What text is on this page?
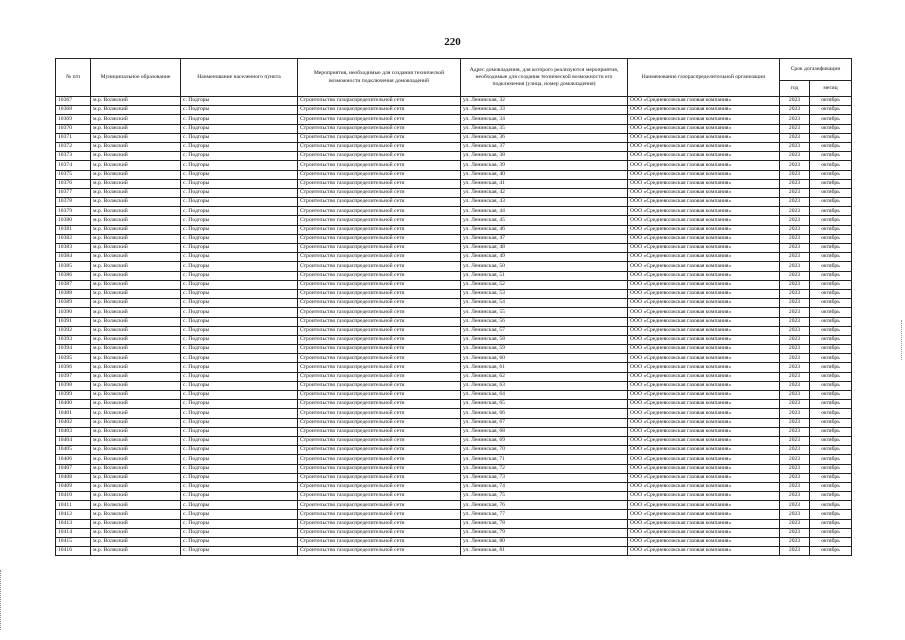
220
№ п/п	Муниципальное образование	Наименование населенного пункта	Мероприятия, необходимые для создания технической возможности подключения домовладений	Адрес домовладения, для которого реализуются мероприятия, необходимые для создания технической возможности его подключения (улица, номер домовладения)	Наименование газораспределительной организации	Срок догазификации	
						год	месяц
10367	м.р. Волжский	с. Подгоры	Строительство газораспределительной сети	ул. Ленинская, 32	ООО «Средневолжская газовая компания»	2023	октябрь
10368	м.р. Волжский	с. Подгоры	Строительство газораспределительной сети	ул. Ленинская, 33	ООО «Средневолжская газовая компания»	2023	октябрь
10369	м.р. Волжский	с. Подгоры	Строительство газораспределительной сети	ул. Ленинская, 34	ООО «Средневолжская газовая компания»	2023	октябрь
10370	м.р. Волжский	с. Подгоры	Строительство газораспределительной сети	ул. Ленинская, 35	ООО «Средневолжская газовая компания»	2023	октябрь
10371	м.р. Волжский	с. Подгоры	Строительство газораспределительной сети	ул. Ленинская, 36	ООО «Средневолжская газовая компания»	2023	октябрь
10372	м.р. Волжский	с. Подгоры	Строительство газораспределительной сети	ул. Ленинская, 37	ООО «Средневолжская газовая компания»	2023	октябрь
10373	м.р. Волжский	с. Подгоры	Строительство газораспределительной сети	ул. Ленинская, 38	ООО «Средневолжская газовая компания»	2023	октябрь
10374	м.р. Волжский	с. Подгоры	Строительство газораспределительной сети	ул. Ленинская, 39	ООО «Средневолжская газовая компания»	2023	октябрь
10375	м.р. Волжский	с. Подгоры	Строительство газораспределительной сети	ул. Ленинская, 40	ООО «Средневолжская газовая компания»	2023	октябрь
10376	м.р. Волжский	с. Подгоры	Строительство газораспределительной сети	ул. Ленинская, 41	ООО «Средневолжская газовая компания»	2023	октябрь
10377	м.р. Волжский	с. Подгоры	Строительство газораспределительной сети	ул. Ленинская, 42	ООО «Средневолжская газовая компания»	2023	октябрь
10378	м.р. Волжский	с. Подгоры	Строительство газораспределительной сети	ул. Ленинская, 43	ООО «Средневолжская газовая компания»	2023	октябрь
10379	м.р. Волжский	с. Подгоры	Строительство газораспределительной сети	ул. Ленинская, 44	ООО «Средневолжская газовая компания»	2023	октябрь
10380	м.р. Волжский	с. Подгоры	Строительство газораспределительной сети	ул. Ленинская, 45	ООО «Средневолжская газовая компания»	2023	октябрь
10381	м.р. Волжский	с. Подгоры	Строительство газораспределительной сети	ул. Ленинская, 46	ООО «Средневолжская газовая компания»	2023	октябрь
10382	м.р. Волжский	с. Подгоры	Строительство газораспределительной сети	ул. Ленинская, 47	ООО «Средневолжская газовая компания»	2023	октябрь
10383	м.р. Волжский	с. Подгоры	Строительство газораспределительной сети	ул. Ленинская, 48	ООО «Средневолжская газовая компания»	2023	октябрь
10384	м.р. Волжский	с. Подгоры	Строительство газораспределительной сети	ул. Ленинская, 49	ООО «Средневолжская газовая компания»	2023	октябрь
10385	м.р. Волжский	с. Подгоры	Строительство газораспределительной сети	ул. Ленинская, 50	ООО «Средневолжская газовая компания»	2023	октябрь
10386	м.р. Волжский	с. Подгоры	Строительство газораспределительной сети	ул. Ленинская, 51	ООО «Средневолжская газовая компания»	2023	октябрь
10387	м.р. Волжский	с. Подгоры	Строительство газораспределительной сети	ул. Ленинская, 52	ООО «Средневолжская газовая компания»	2023	октябрь
10388	м.р. Волжский	с. Подгоры	Строительство газораспределительной сети	ул. Ленинская, 53	ООО «Средневолжская газовая компания»	2023	октябрь
10389	м.р. Волжский	с. Подгоры	Строительство газораспределительной сети	ул. Ленинская, 54	ООО «Средневолжская газовая компания»	2023	октябрь
10390	м.р. Волжский	с. Подгоры	Строительство газораспределительной сети	ул. Ленинская, 55	ООО «Средневолжская газовая компания»	2023	октябрь
10391	м.р. Волжский	с. Подгоры	Строительство газораспределительной сети	ул. Ленинская, 56	ООО «Средневолжская газовая компания»	2023	октябрь
10392	м.р. Волжский	с. Подгоры	Строительство газораспределительной сети	ул. Ленинская, 57	ООО «Средневолжская газовая компания»	2023	октябрь
10393	м.р. Волжский	с. Подгоры	Строительство газораспределительной сети	ул. Ленинская, 58	ООО «Средневолжская газовая компания»	2023	октябрь
10394	м.р. Волжский	с. Подгоры	Строительство газораспределительной сети	ул. Ленинская, 59	ООО «Средневолжская газовая компания»	2023	октябрь
10395	м.р. Волжский	с. Подгоры	Строительство газораспределительной сети	ул. Ленинская, 60	ООО «Средневолжская газовая компания»	2023	октябрь
10396	м.р. Волжский	с. Подгоры	Строительство газораспределительной сети	ул. Ленинская, 61	ООО «Средневолжская газовая компания»	2023	октябрь
10397	м.р. Волжский	с. Подгоры	Строительство газораспределительной сети	ул. Ленинская, 62	ООО «Средневолжская газовая компания»	2023	октябрь
10398	м.р. Волжский	с. Подгоры	Строительство газораспределительной сети	ул. Ленинская, 63	ООО «Средневолжская газовая компания»	2023	октябрь
10399	м.р. Волжский	с. Подгоры	Строительство газораспределительной сети	ул. Ленинская, 64	ООО «Средневолжская газовая компания»	2023	октябрь
10400	м.р. Волжский	с. Подгоры	Строительство газораспределительной сети	ул. Ленинская, 65	ООО «Средневолжская газовая компания»	2023	октябрь
10401	м.р. Волжский	с. Подгоры	Строительство газораспределительной сети	ул. Ленинская, 66	ООО «Средневолжская газовая компания»	2023	октябрь
10402	м.р. Волжский	с. Подгоры	Строительство газораспределительной сети	ул. Ленинская, 67	ООО «Средневолжская газовая компания»	2023	октябрь
10403	м.р. Волжский	с. Подгоры	Строительство газораспределительной сети	ул. Ленинская, 68	ООО «Средневолжская газовая компания»	2023	октябрь
10404	м.р. Волжский	с. Подгоры	Строительство газораспределительной сети	ул. Ленинская, 69	ООО «Средневолжская газовая компания»	2023	октябрь
10405	м.р. Волжский	с. Подгоры	Строительство газораспределительной сети	ул. Ленинская, 70	ООО «Средневолжская газовая компания»	2023	октябрь
10406	м.р. Волжский	с. Подгоры	Строительство газораспределительной сети	ул. Ленинская, 71	ООО «Средневолжская газовая компания»	2023	октябрь
10407	м.р. Волжский	с. Подгоры	Строительство газораспределительной сети	ул. Ленинская, 72	ООО «Средневолжская газовая компания»	2023	октябрь
10408	м.р. Волжский	с. Подгоры	Строительство газораспределительной сети	ул. Ленинская, 73	ООО «Средневолжская газовая компания»	2023	октябрь
10409	м.р. Волжский	с. Подгоры	Строительство газораспределительной сети	ул. Ленинская, 74	ООО «Средневолжская газовая компания»	2023	октябрь
10410	м.р. Волжский	с. Подгоры	Строительство газораспределительной сети	ул. Ленинская, 75	ООО «Средневолжская газовая компания»	2023	октябрь
10411	м.р. Волжский	с. Подгоры	Строительство газораспределительной сети	ул. Ленинская, 76	ООО «Средневолжская газовая компания»	2023	октябрь
10412	м.р. Волжский	с. Подгоры	Строительство газораспределительной сети	ул. Ленинская, 77	ООО «Средневолжская газовая компания»	2023	октябрь
10413	м.р. Волжский	с. Подгоры	Строительство газораспределительной сети	ул. Ленинская, 78	ООО «Средневолжская газовая компания»	2023	октябрь
10414	м.р. Волжский	с. Подгоры	Строительство газораспределительной сети	ул. Ленинская, 79	ООО «Средневолжская газовая компания»	2023	октябрь
10415	м.р. Волжский	с. Подгоры	Строительство газораспределительной сети	ул. Ленинская, 80	ООО «Средневолжская газовая компания»	2023	октябрь
10416	м.р. Волжский	с. Подгоры	Строительство газораспределительной сети	ул. Ленинская, 81	ООО «Средневолжская газовая компания»	2023	октябрь
